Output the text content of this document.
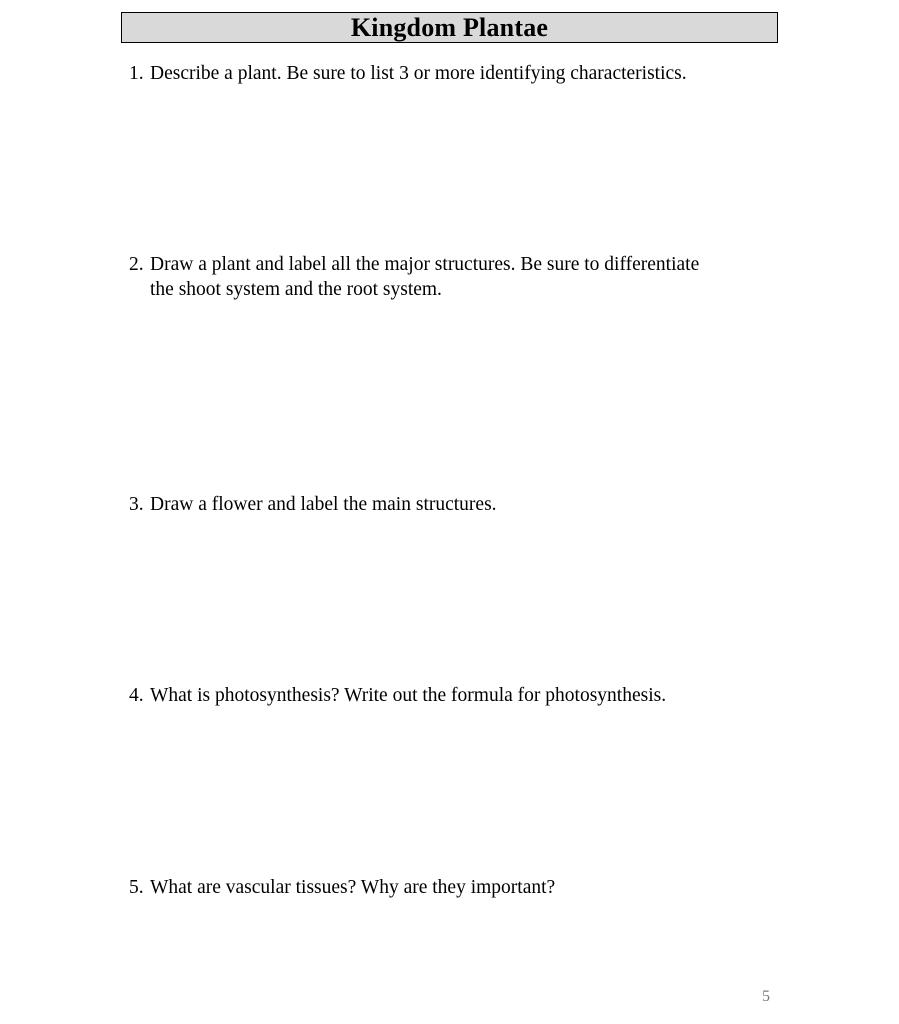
Kingdom Plantae
1. Describe a plant. Be sure to list 3 or more identifying characteristics.
2. Draw a plant and label all the major structures. Be sure to differentiate
the shoot system and the root system.
3. Draw a flower and label the main structures.
4. What is photosynthesis? Write out the formula for photosynthesis.
5. What are vascular tissues? Why are they important?
5
